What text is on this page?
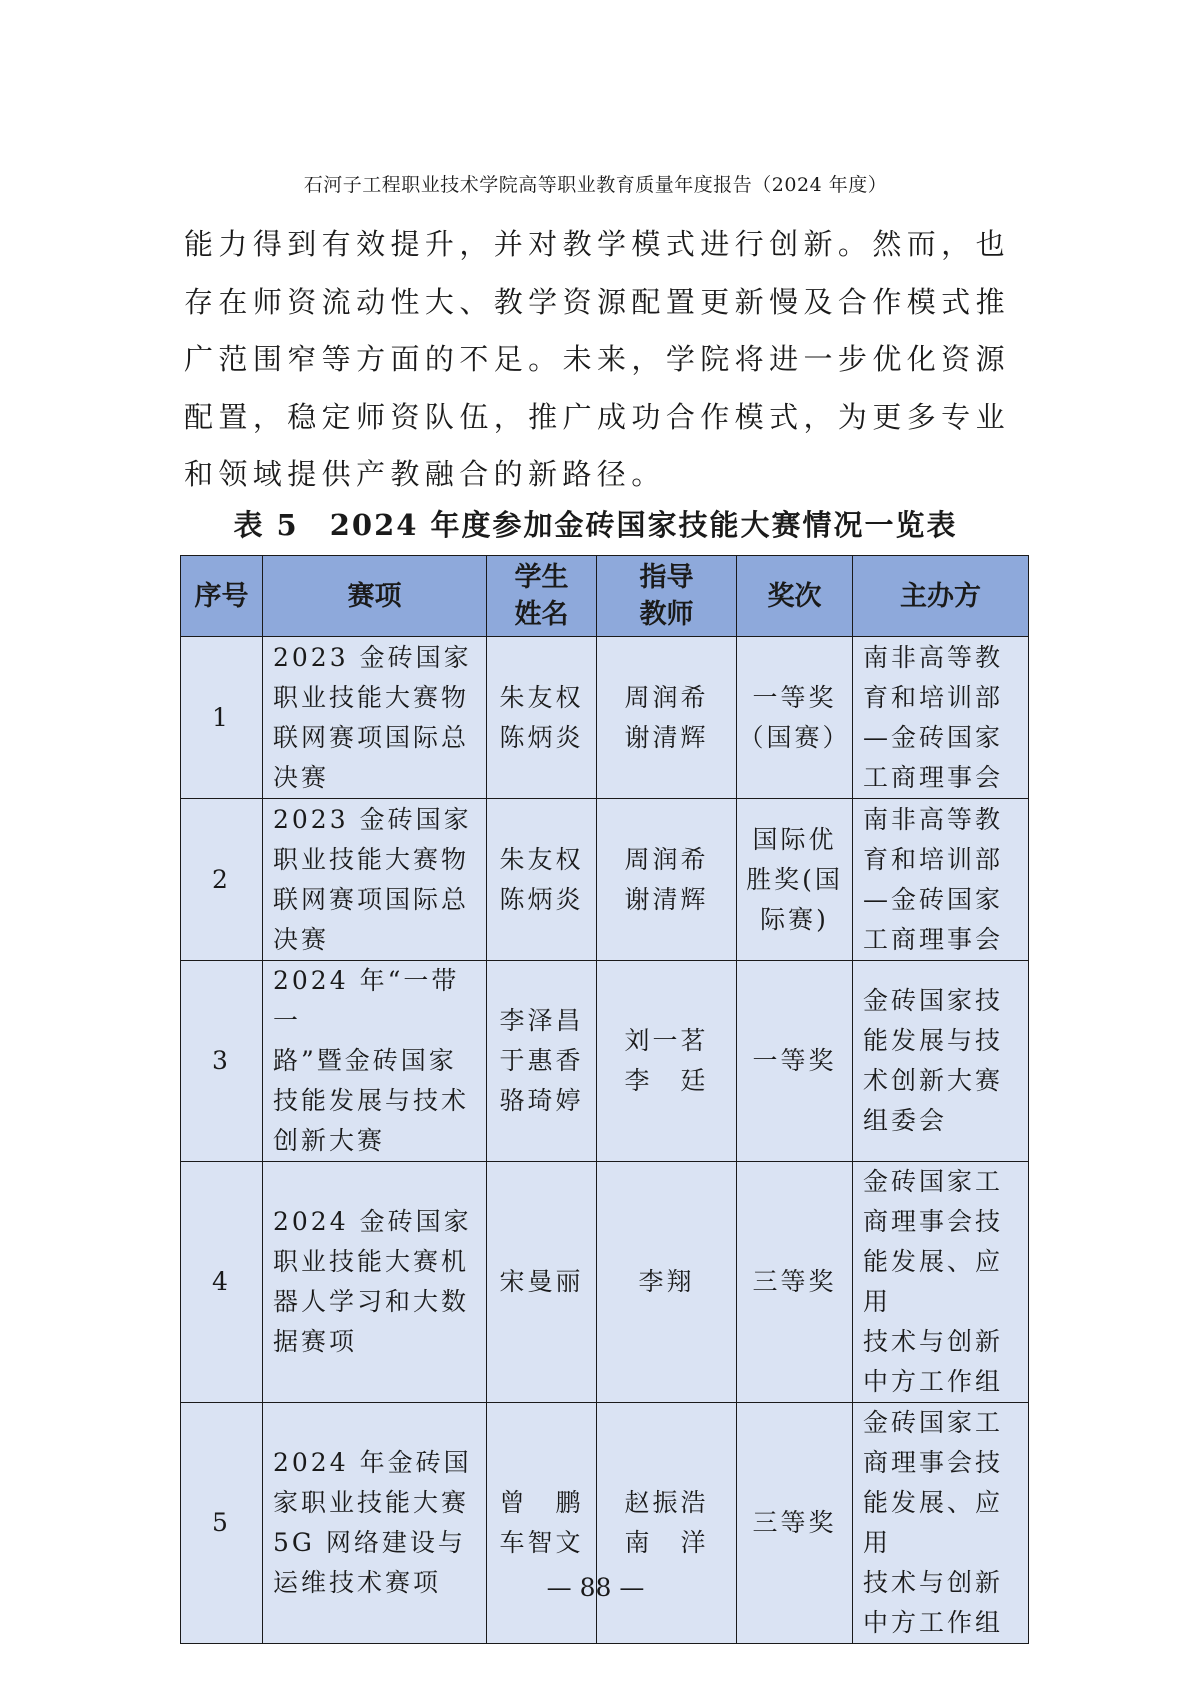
石河子工程职业技术学院高等职业教育质量年度报告（2024 年度）

能力得到有效提升，并对教学模式进行创新。然而，也存在师资流动性大、教学资源配置更新慢及合作模式推广范围窄等方面的不足。未来，学院将进一步优化资源配置，稳定师资队伍，推广成功合作模式，为更多专业和领域提供产教融合的新路径。

表 5　2024 年度参加金砖国家技能大赛情况一览表
序号	赛项	学生
姓名	指导
教师	奖次	主办方
1	2023 金砖国家
职业技能大赛物
联网赛项国际总
决赛	朱友权
陈炳炎	周润希
谢清辉	一等奖
（国赛）	南非高等教
育和培训部
—金砖国家
工商理事会

2	2023 金砖国家
职业技能大赛物
联网赛项国际总
决赛	朱友权
陈炳炎	周润希
谢清辉	国际优
胜奖(国
际赛)	南非高等教
育和培训部
—金砖国家
工商理事会

3	2024 年“一带一
路”暨金砖国家
技能发展与技术
创新大赛	李泽昌
于惠香
骆琦婷	刘一茗
李　廷	一等奖	金砖国家技
能发展与技
术创新大赛
组委会

4	2024 金砖国家
职业技能大赛机
器人学习和大数
据赛项	宋曼丽	李翔	三等奖	金砖国家工
商理事会技
能发展、应用
技术与创新
中方工作组

5	2024 年金砖国
家职业技能大赛
5G 网络建设与
运维技术赛项	曾　鹏
车智文	赵振浩
南　洋	三等奖	金砖国家工
商理事会技
能发展、应用
技术与创新
中方工作组
— 88 —
